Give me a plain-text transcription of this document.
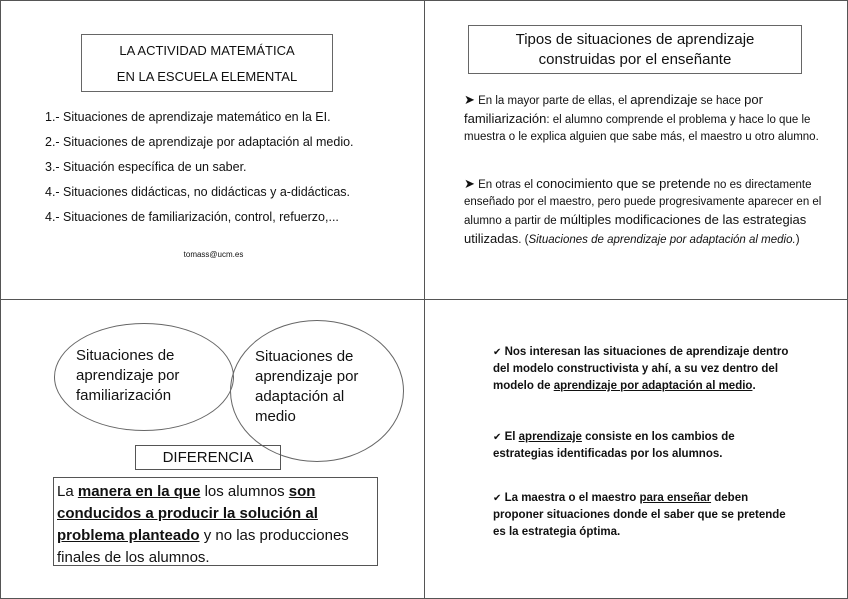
LA ACTIVIDAD MATEMÁTICA
EN LA ESCUELA ELEMENTAL
1.- Situaciones de aprendizaje matemático en la EI.
2.- Situaciones de aprendizaje por adaptación al medio.
3.- Situación específica de un saber.
4.- Situaciones didácticas, no didácticas y a-didácticas.
4.- Situaciones de familiarización, control, refuerzo,...
tomass@ucm.es
Tipos de situaciones de aprendizaje
construidas por el enseñante

➤ En la mayor parte de ellas, el aprendizaje se hace por familiarización: el alumno comprende el problema y hace lo que le muestra o le explica alguien que sabe más, el maestro u otro alumno.

➤ En otras el conocimiento que se pretende no es directamente enseñado por el maestro, pero puede progresivamente aparecer en el alumno a partir de múltiples modificaciones de las estrategias utilizadas. (Situaciones de aprendizaje por adaptación al medio.)

Situaciones de
aprendizaje por
familiarización
Situaciones de
aprendizaje por
adaptación al
medio
DIFERENCIA
La manera en la que los alumnos son conducidos a producir la solución al problema planteado y no las producciones finales de los alumnos.

✔ Nos interesan las situaciones de aprendizaje dentro del modelo constructivista y ahí, a su vez dentro del modelo de aprendizaje por adaptación al medio.

✔ El aprendizaje consiste en los cambios de estrategias identificadas por los alumnos.

✔ La maestra o el maestro para enseñar deben proponer situaciones donde el saber que se pretende es la estrategia óptima.
